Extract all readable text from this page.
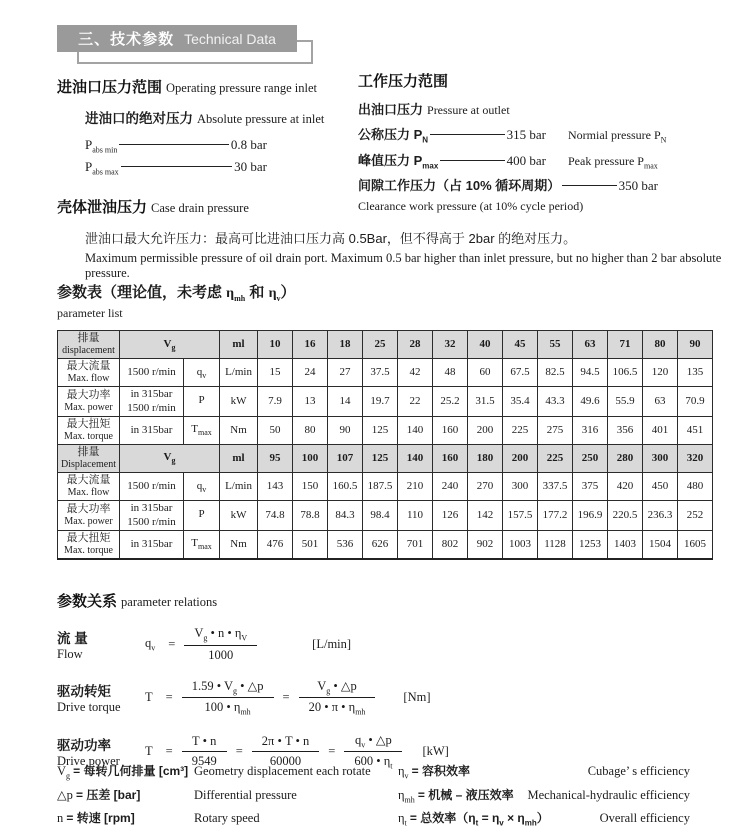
三、技术参数 Technical Data
进油口压力范围 Operating pressure range inlet
进油口的绝对压力 Absolute pressure at inlet
$P_{abs min}$	0.8 bar
$P_{abs max}$	30 bar
工作压力范围
出油口压力 Pressure at outlet
公称压力 $P_N$	315 bar Normial pressure $P_N$
峰值压力 $P_{max}$	400 bar Peak pressure $P_{max}$
间隙工作压力（占 10% 循环周期）	350 bar
Clearance work pressure (at 10% cycle period)
壳体泄油压力 Case drain pressure
泄油口最大允许压力：最高可比进油口压力高 0.5Bar，但不得高于 2bar 的绝对压力。
Maximum permissible pressure of oil drain port. Maximum 0.5 bar higher than inlet pressure, but no higher than 2 bar absolute pressure.
参数表（理论值，未考虑 $\eta_{mh}$ 和 $\eta_v$）
parameter list
排量
displacement	$V_g$		ml	10	16	18	25	28	32	40	45	55	63	71	80	90

最大流量
Max. flow	1500 r/min	$q_v$	L/min	15	24	27	37.5	42	48	60	67.5	82.5	94.5	106.5	120	135

最大功率
Max. power	in 315bar
1500 r/min	P	kW	7.9	13	14	19.7	22	25.2	31.5	35.4	43.3	49.6	55.9	63	70.9

最大扭矩
Max. torque	in 315bar	$T_{max}$	Nm	50	80	90	125	140	160	200	225	275	316	356	401	451

排量
Displacement	$V_g$		ml	95	100	107	125	140	160	180	200	225	250	280	300	320

最大流量
Max. flow	1500 r/min	$q_v$	L/min	143	150	160.5	187.5	210	240	270	300	337.5	375	420	450	480

最大功率
Max. power	in 315bar
1500 r/min	P	kW	74.8	78.8	84.3	98.4	110	126	142	157.5	177.2	196.9	220.5	236.3	252

最大扭矩
Max. torque	in 315bar	$T_{max}$	Nm	476	501	536	626	701	802	902	1003	1128	1253	1403	1504	1605
参数关系 parameter relations
流 量
Flow
$q_v = \frac{V_g • n • \eta_V}{1000}$	[L/min]
驱动转矩
Drive torque
$T = \frac{1.59 • V_g • \triangle p}{100 • \eta_{mh}} = \frac{V_g • \triangle p}{20 • \pi • \eta_{mh}} [Nm]$
驱动功率
Drive power
$T = \frac{T • n}{9549} = \frac{2\pi • T • n}{60000} = \frac{q_v • \triangle p}{600 • \eta_t} [kW]$
$V_g$ = 每转几何排量 [cm³] Geometry displacement each rotate
△p = 压差 [bar]	Differential pressure
n = 转速 [rpm]	Rotary speed
$\eta_v$ = 容积效率	Cubage’ s efficiency
$\eta_{mh}$ = 机械 – 液压效率 Mechanical-hydraulic efficiency
$\eta_t$ = 总效率$(\eta_t = \eta_v \times \eta_{mh})$	Overall efficiency
